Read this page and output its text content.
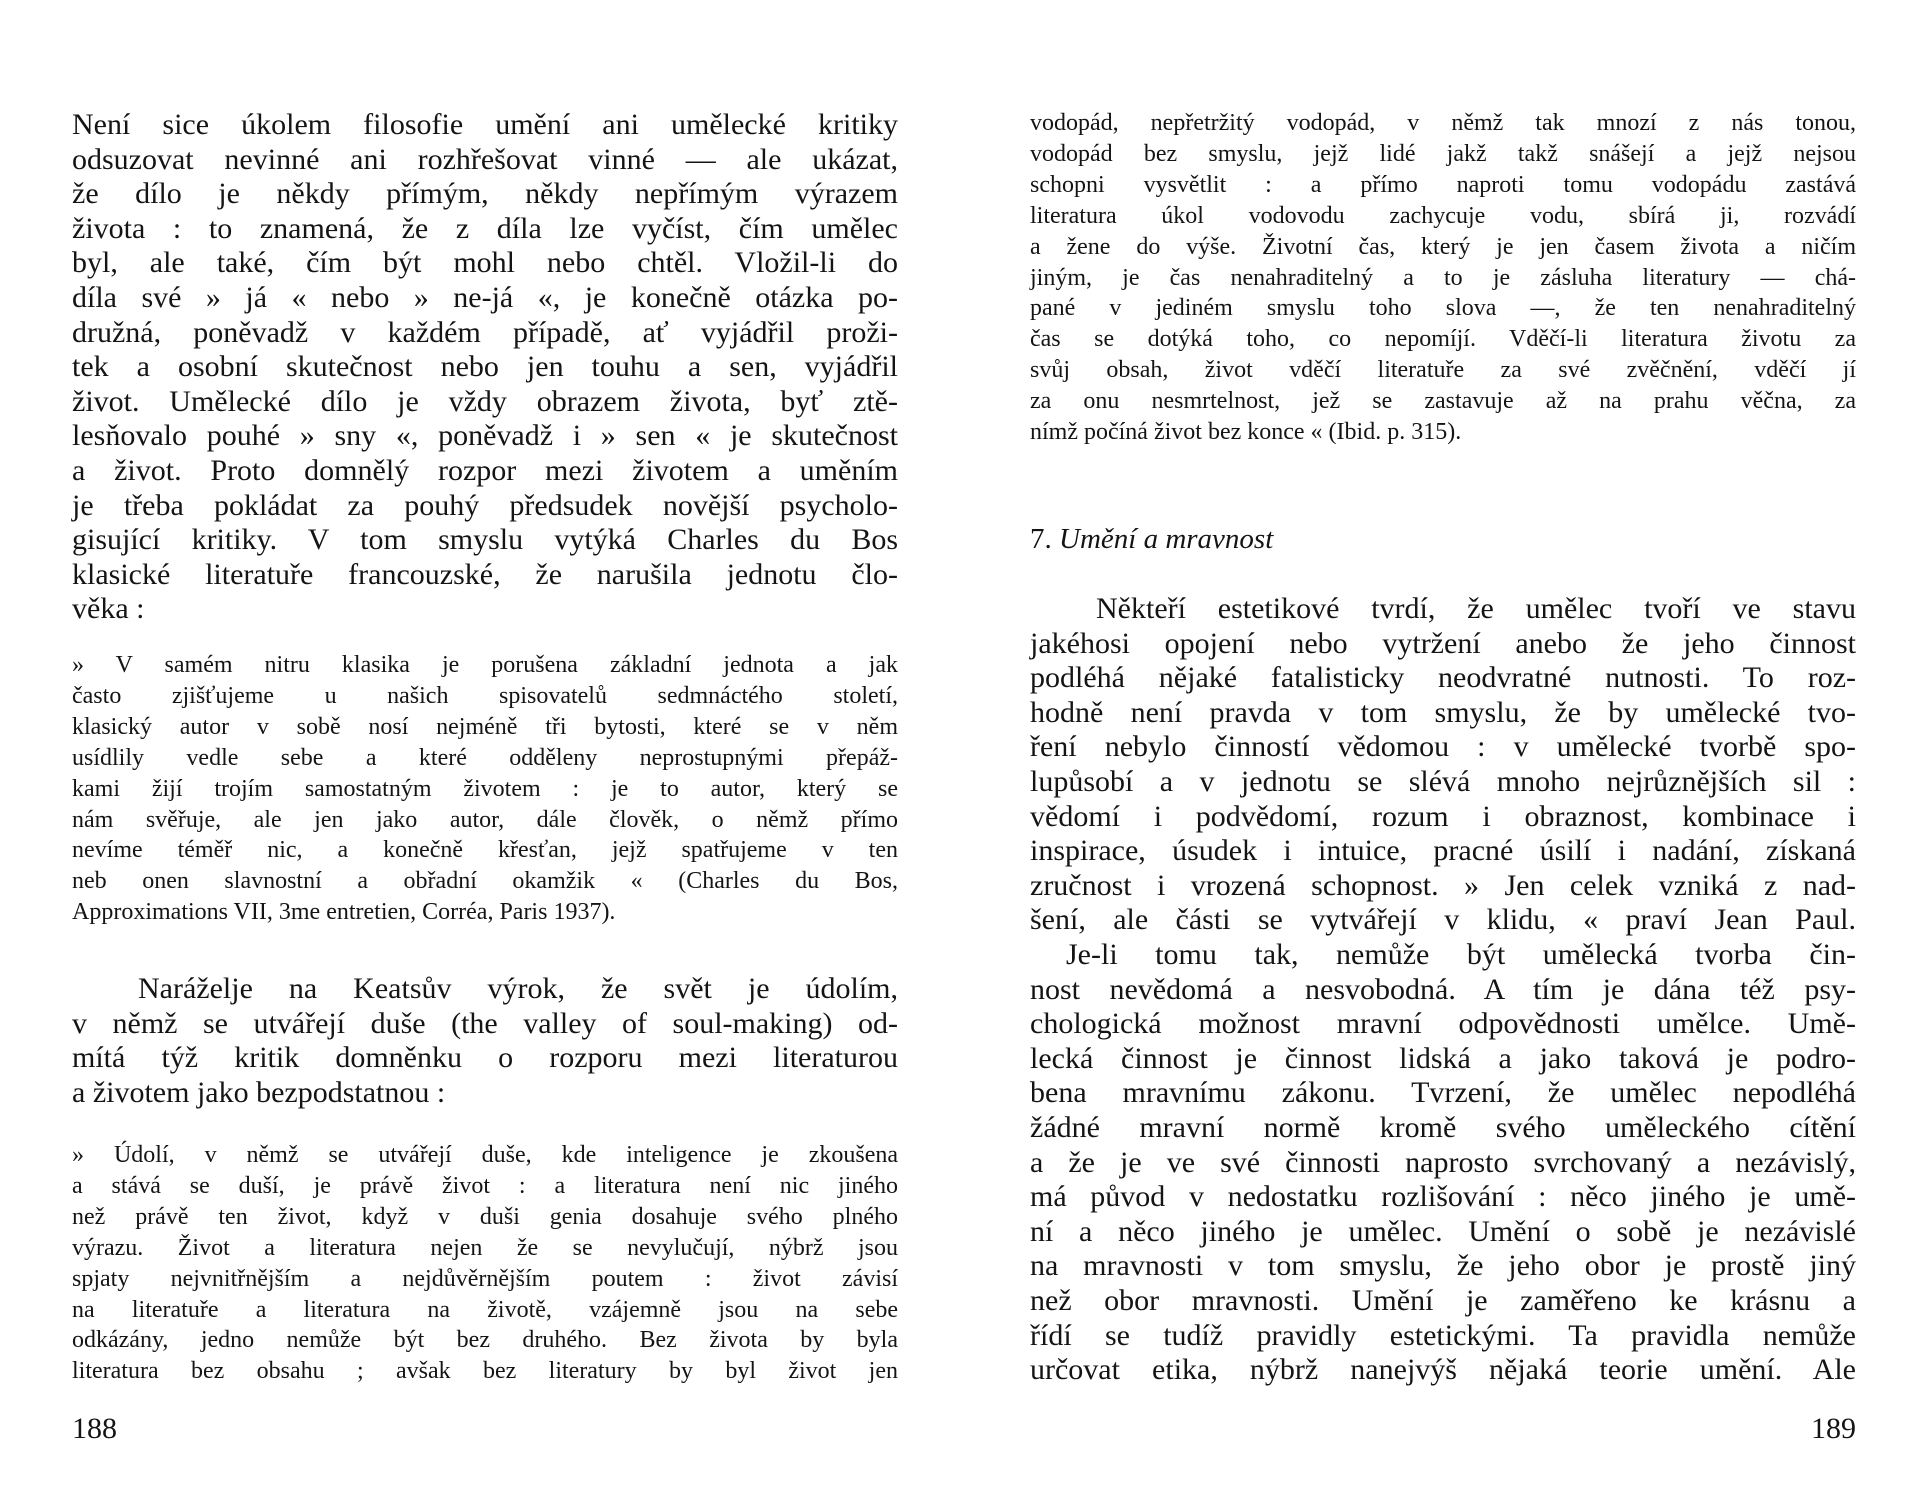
Není sice úkolem filosofie umění ani umělecké kritiky
odsuzovat nevinné ani rozhřešovat vinné — ale ukázat,
že dílo je někdy přímým, někdy nepřímým výrazem
života : to znamená, že z díla lze vyčíst, čím umělec
byl, ale také, čím být mohl nebo chtěl. Vložil-li do
díla své » já « nebo » ne-já «, je konečně otázka po-
družná, poněvadž v každém případě, ať vyjádřil proži-
tek a osobní skutečnost nebo jen touhu a sen, vyjádřil
život. Umělecké dílo je vždy obrazem života, byť ztě-
lesňovalo pouhé » sny «, poněvadž i » sen « je skutečnost
a život. Proto domnělý rozpor mezi životem a uměním
je třeba pokládat za pouhý předsudek novější psycholo-
gisující kritiky. V tom smyslu vytýká Charles du Bos
klasické literatuře francouzské, že narušila jednotu člo-
věka :
» V samém nitru klasika je porušena základní jednota a jak
často zjišťujeme u našich spisovatelů sedmnáctého století,
klasický autor v sobě nosí nejméně tři bytosti, které se v něm
usídlily vedle sebe a které odděleny neprostupnými přepáž-
kami žijí trojím samostatným životem : je to autor, který se
nám svěřuje, ale jen jako autor, dále člověk, o němž přímo
nevíme téměř nic, a konečně křesťan, jejž spatřujeme v ten
neb onen slavnostní a obřadní okamžik « (Charles du Bos,
Approximations VII, 3me entretien, Corréa, Paris 1937).
Naráželje na Keatsův výrok, že svět je údolím,
v němž se utvářejí duše (the valley of soul-making) od-
mítá týž kritik domněnku o rozporu mezi literaturou
a životem jako bezpodstatnou :
» Údolí, v němž se utvářejí duše, kde inteligence je zkoušena
a stává se duší, je právě život : a literatura není nic jiného
než právě ten život, když v duši genia dosahuje svého plného
výrazu. Život a literatura nejen že se nevylučují, nýbrž jsou
spjaty nejvnitřnějším a nejdůvěrnějším poutem : život závisí
na literatuře a literatura na životě, vzájemně jsou na sebe
odkázány, jedno nemůže být bez druhého. Bez života by byla
literatura bez obsahu ; avšak bez literatury by byl život jen
188
vodopád, nepřetržitý vodopád, v němž tak mnozí z nás tonou,
vodopád bez smyslu, jejž lidé jakž takž snášejí a jejž nejsou
schopni vysvětlit : a přímo naproti tomu vodopádu zastává
literatura úkol vodovodu zachycuje vodu, sbírá ji, rozvádí
a žene do výše. Životní čas, který je jen časem života a ničím
jiným, je čas nenahraditelný a to je zásluha literatury — chá-
pané v jediném smyslu toho slova —, že ten nenahraditelný
čas se dotýká toho, co nepomíjí. Vděčí-li literatura životu za
svůj obsah, život vděčí literatuře za své zvěčnění, vděčí jí
za onu nesmrtelnost, jež se zastavuje až na prahu věčna, za
nímž počíná život bez konce « (Ibid. p. 315).
7. Umění a mravnost
Někteří estetikové tvrdí, že umělec tvoří ve stavu
jakéhosi opojení nebo vytržení anebo že jeho činnost
podléhá nějaké fatalisticky neodvratné nutnosti. To roz-
hodně není pravda v tom smyslu, že by umělecké tvo-
ření nebylo činností vědomou : v umělecké tvorbě spo-
lupůsobí a v jednotu se slévá mnoho nejrůznějších sil :
vědomí i podvědomí, rozum i obraznost, kombinace i
inspirace, úsudek i intuice, pracné úsilí i nadání, získaná
zručnost i vrozená schopnost. » Jen celek vzniká z nad-
šení, ale části se vytvářejí v klidu, « praví Jean Paul.
Je-li tomu tak, nemůže být umělecká tvorba čin-
nost nevědomá a nesvobodná. A tím je dána též psy-
chologická možnost mravní odpovědnosti umělce. Umě-
lecká činnost je činnost lidská a jako taková je podro-
bena mravnímu zákonu. Tvrzení, že umělec nepodléhá
žádné mravní normě kromě svého uměleckého cítění
a že je ve své činnosti naprosto svrchovaný a nezávislý,
má původ v nedostatku rozlišování : něco jiného je umě-
ní a něco jiného je umělec. Umění o sobě je nezávislé
na mravnosti v tom smyslu, že jeho obor je prostě jiný
než obor mravnosti. Umění je zaměřeno ke krásnu a
řídí se tudíž pravidly estetickými. Ta pravidla nemůže
určovat etika, nýbrž nanejvýš nějaká teorie umění. Ale
189
